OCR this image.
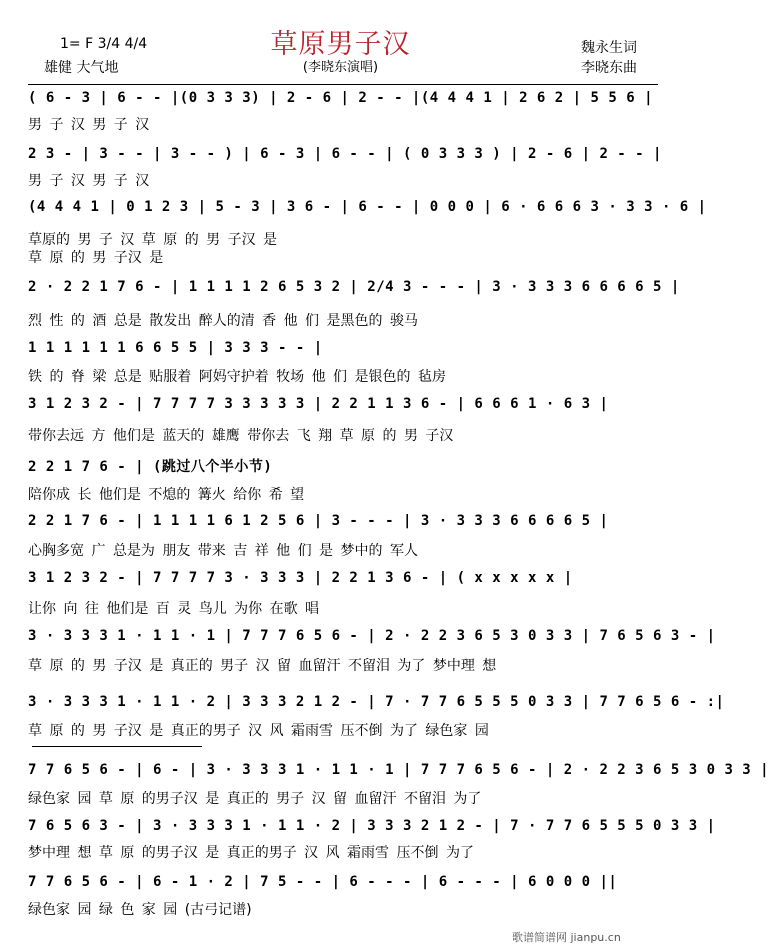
草原男子汉
(李晓东演唱)
1= F 3/4 4/4
雄健 大气地
魏永生词
李晓东曲
( 6 - 3 | 6 - - |(0 3 3 3) | 2 - 6 | 2 - - |(4 4 4 1 | 2 6 2 | 5 5 6 |
男 子 汉 男 子 汉
2 3 - | 3 - - | 3 - - ) | 6 - 3 | 6 - - | ( 0 3 3 3 ) | 2 - 6 | 2 - - |
男 子 汉 男 子 汉
(4 4 4 1 | 0 1 2 3 | 5 - 3 | 3 6 - | 6 - - | 0 0 0 | 6 · 6 6 6 3 · 3 3 · 6 |
草原的 男 子 汉 草 原 的 男 子汉 是
草 原 的 男 子汉 是
2 · 2 2 1 7 6 - | 1 1 1 1 2 6 5 3 2 | 2/4 3 - - - | 3 · 3 3 3 6 6 6 6 5 |
烈 性 的 酒 总是 散发出 醉人的清 香 他 们 是黑色的 骏马
1 1 1 1 1 1 6 6 5 5 | 3 3 3 - - |
铁 的 脊 梁 总是 贴服着 阿妈守护着 牧场 他 们 是银色的 毡房
3 1 2 3 2 - | 7 7 7 7 3 3 3 3 3 | 2 2 1 1 3 6 - | 6 6 6 1 · 6 3 |
带你去远 方 他们是 蓝天的 雄鹰 带你去 飞 翔 草 原 的 男 子汉
2 2 1 7 6 - | (跳过八个半小节)
陪你成 长 他们是 不熄的 篝火 给你 希 望
2 2 1 7 6 - | 1 1 1 1 6 1 2 5 6 | 3 - - - | 3 · 3 3 3 6 6 6 6 5 |
心胸多宽 广 总是为 朋友 带来 吉 祥 他 们 是 梦中的 军人
3 1 2 3 2 - | 7 7 7 7 3 · 3 3 3 | 2 2 1 3 6 - | ( x x x x x |
让你 向 往 他们是 百 灵 鸟儿 为你 在歌 唱
3 · 3 3 3 1 · 1 1 · 1 | 7 7 7 6 5 6 - | 2 · 2 2 3 6 5 3 0 3 3 | 7 6 5 6 3 - |
草 原 的 男 子汉 是 真正的 男子 汉 留 血留汗 不留泪 为了 梦中理 想
3 · 3 3 3 1 · 1 1 · 2 | 3 3 3 2 1 2 - | 7 · 7 7 6 5 5 5 0 3 3 | 7 7 6 5 6 - :|
草 原 的 男 子汉 是 真正的男子 汉 风 霜雨雪 压不倒 为了 绿色家 园
7 7 6 5 6 - | 6 - | 3 · 3 3 3 1 · 1 1 · 1 | 7 7 7 6 5 6 - | 2 · 2 2 3 6 5 3 0 3 3 |
绿色家 园 草 原 的男子汉 是 真正的 男子 汉 留 血留汗 不留泪 为了
7 6 5 6 3 - | 3 · 3 3 3 1 · 1 1 · 2 | 3 3 3 2 1 2 - | 7 · 7 7 6 5 5 5 0 3 3 |
梦中理 想 草 原 的男子汉 是 真正的男子 汉 风 霜雨雪 压不倒 为了
7 7 6 5 6 - | 6 - 1 · 2 | 7 5 - - | 6 - - - | 6 - - - | 6 0 0 0 ||
绿色家 园 绿 色 家 园 (古弓记谱)
歌谱简谱网 jianpu.cn
